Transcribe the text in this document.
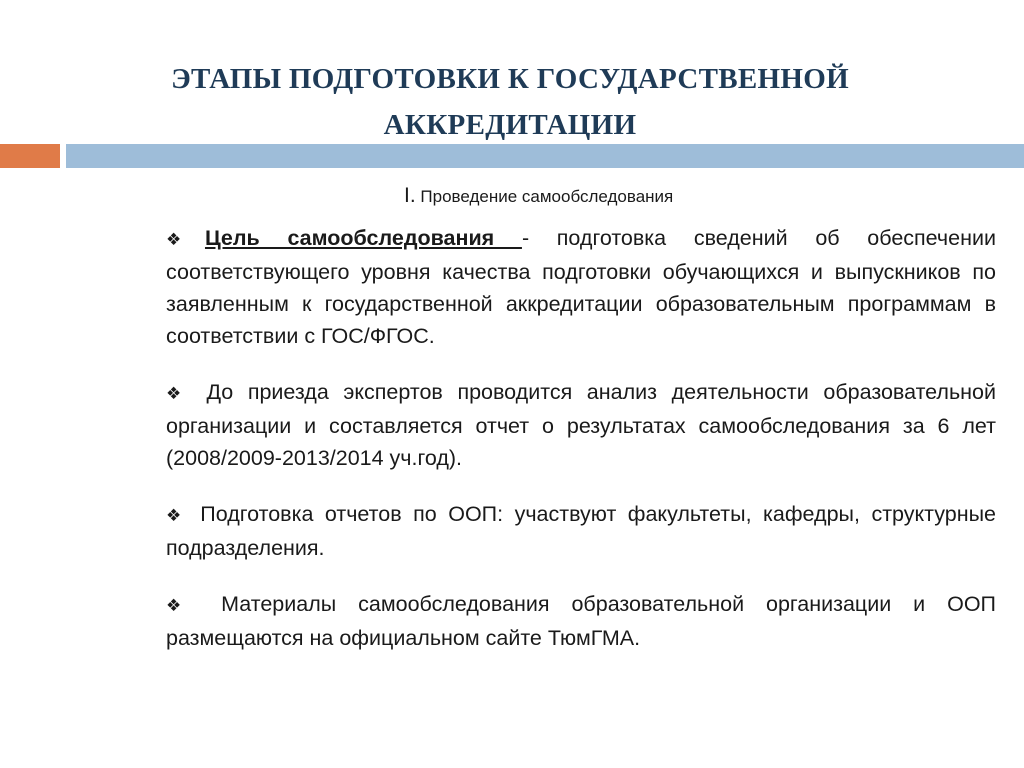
ЭТАПЫ ПОДГОТОВКИ К ГОСУДАРСТВЕННОЙ
АККРЕДИТАЦИИ
I. Проведение самообследования

❖Цель самообследования - подготовка сведений об обеспечении соответствующего уровня качества подготовки обучающихся и выпускников по заявленным к государственной аккредитации образовательным программам в соответствии с ГОС/ФГОС.

❖ До приезда экспертов проводится анализ деятельности образовательной организации и составляется отчет о результатах самообследования за 6 лет (2008/2009-2013/2014 уч.год).

❖ Подготовка отчетов по ООП: участвуют факультеты, кафедры, структурные подразделения.

❖ Материалы самообследования образовательной организации и ООП размещаются на официальном сайте ТюмГМА.
